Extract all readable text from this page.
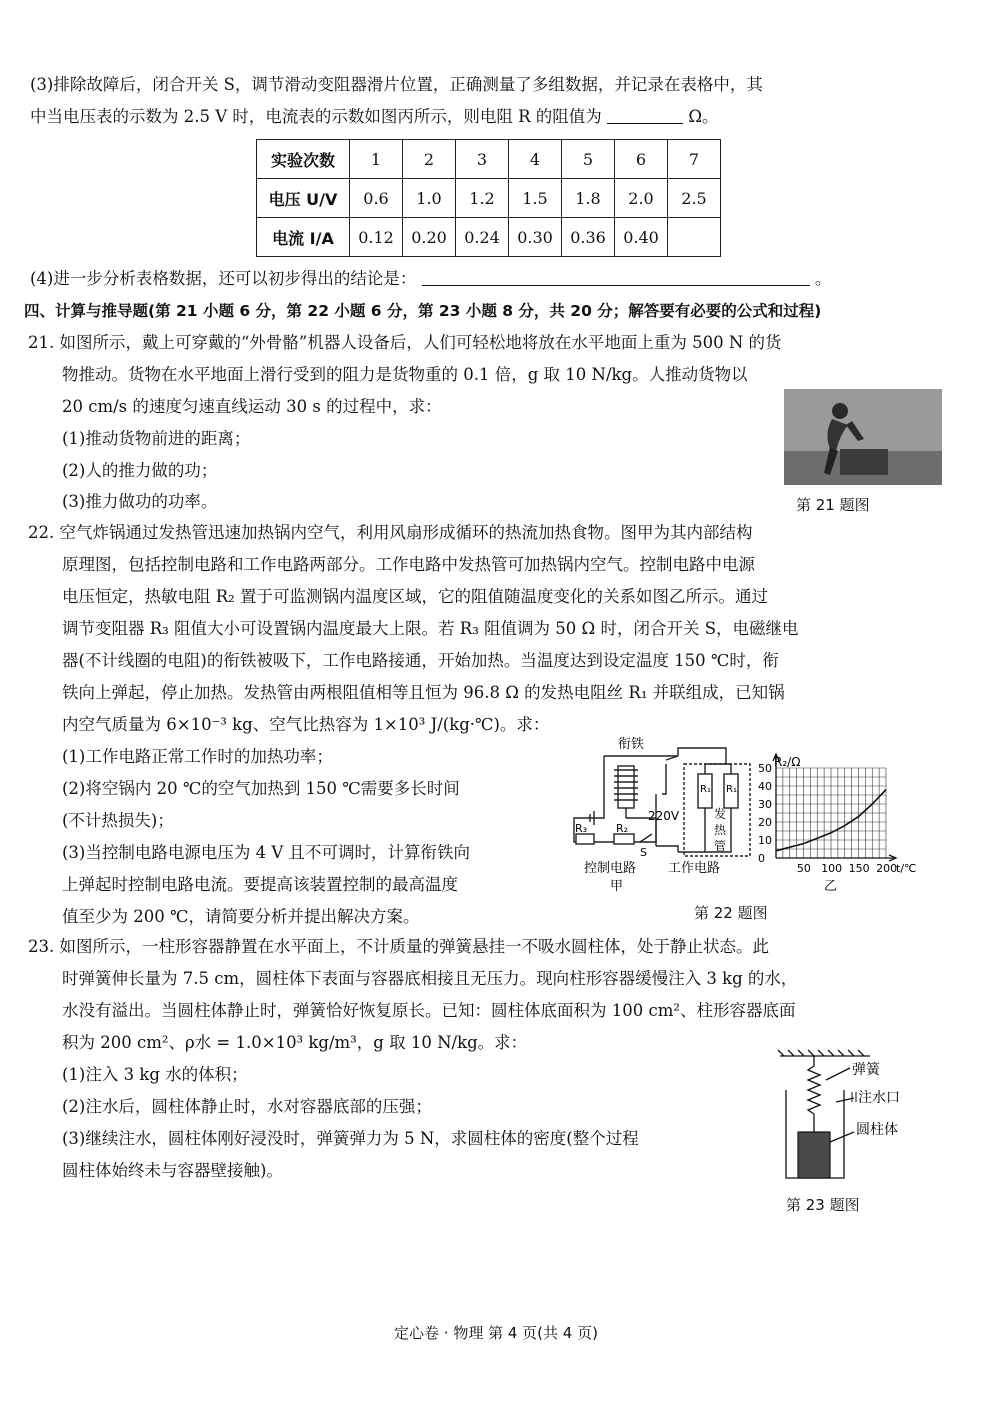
(3)排除故障后，闭合开关 S，调节滑动变阻器滑片位置，正确测量了多组数据，并记录在表格中，其
中当电压表的示数为 2.5 V 时，电流表的示数如图丙所示，则电阻 R 的阻值为	Ω。
实验次数	1	2	3	4	5	6	7
电压 U/V	0.6	1.0	1.2	1.5	1.8	2.0	2.5
电流 I/A	0.12	0.20	0.24	0.30	0.36	0.40	
(4)进一步分析表格数据，还可以初步得出的结论是：	。
四、计算与推导题(第 21 小题 6 分，第 22 小题 6 分，第 23 小题 8 分，共 20 分；解答要有必要的公式和过程)
21. 如图所示，戴上可穿戴的“外骨骼”机器人设备后，人们可轻松地将放在水平地面上重为 500 N 的货
物推动。货物在水平地面上滑行受到的阻力是货物重的 0.1 倍，g 取 10 N/kg。人推动货物以
20 cm/s 的速度匀速直线运动 30 s 的过程中，求：
(1)推动货物前进的距离；
(2)人的推力做的功；
(3)推力做功的功率。	第 21 题图
22. 空气炸锅通过发热管迅速加热锅内空气，利用风扇形成循环的热流加热食物。图甲为其内部结构
原理图，包括控制电路和工作电路两部分。工作电路中发热管可加热锅内空气。控制电路中电源
电压恒定，热敏电阻 R₂ 置于可监测锅内温度区域，它的阻值随温度变化的关系如图乙所示。通过
调节变阻器 R₃ 阻值大小可设置锅内温度最大上限。若 R₃ 阻值调为 50 Ω 时，闭合开关 S，电磁继电
器(不计线圈的电阻)的衔铁被吸下，工作电路接通，开始加热。当温度达到设定温度 150 ℃时，衔
铁向上弹起，停止加热。发热管由两根阻值相等且恒为 96.8 Ω 的发热电阻丝 R₁ 并联组成，已知锅
内空气质量为 6×10⁻³ kg、空气比热容为 1×10³ J/(kg·℃)。求：
(1)工作电路正常工作时的加热功率；
(2)将空锅内 20 ℃的空气加热到 150 ℃需要多长时间
(不计热损失)；
(3)当控制电路电源电压为 4 V 且不可调时，计算衔铁向
上弹起时控制电路电流。要提高该装置控制的最高温度
值至少为 200 ℃，请简要分析并提出解决方案。
衔铁
R₃	R₂
S
220V
R₁ R₁
发
热
管
控制电路 工作电路
甲
0
10
20
30
40
50
50 100 150 200
R₂/Ω
t/℃
乙
第 22 题图
23. 如图所示，一柱形容器静置在水平面上，不计质量的弹簧悬挂一不吸水圆柱体，处于静止状态。此
时弹簧伸长量为 7.5 cm，圆柱体下表面与容器底相接且无压力。现向柱形容器缓慢注入 3 kg 的水，
水没有溢出。当圆柱体静止时，弹簧恰好恢复原长。已知：圆柱体底面积为 100 cm²、柱形容器底面
积为 200 cm²、ρ水 = 1.0×10³ kg/m³，g 取 10 N/kg。求：
(1)注入 3 kg 水的体积；
(2)注水后，圆柱体静止时，水对容器底部的压强；
(3)继续注水，圆柱体刚好浸没时，弹簧弹力为 5 N，求圆柱体的密度(整个过程
圆柱体始终未与容器壁接触)。
弹簧
注水口
圆柱体
第 23 题图
定心卷 · 物理 第 4 页(共 4 页)
